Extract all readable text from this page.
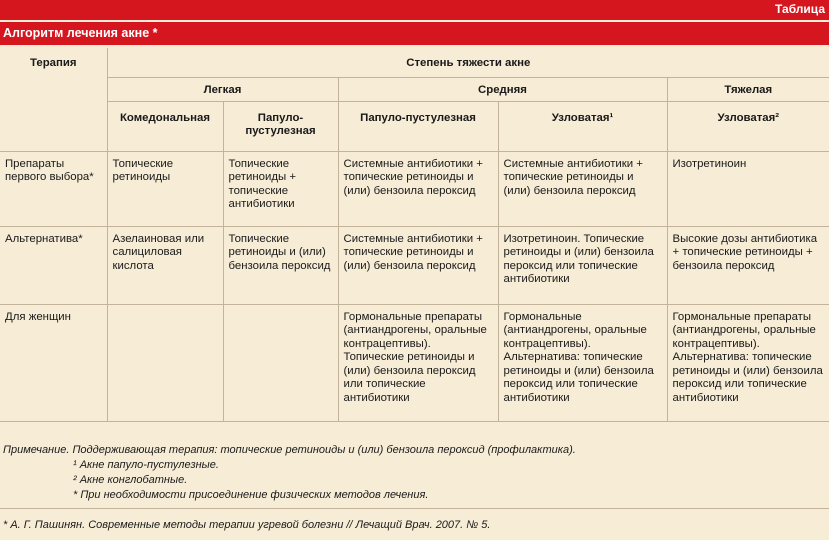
Таблица
Алгоритм лечения акне *
Терапия	Степень тяжести акне				

	Легкая		Средняя		Тяжелая

	Комедональная	Папуло-пустулезная	Папуло-пустулезная	Узловатая¹	Узловатая²

Препараты первого выбора*	Топические ретиноиды	Топические ретиноиды + топические антибиотики	Системные антибиотики + топические ретиноиды и (или) бензоила пероксид	Системные антибиотики + топические ретиноиды и (или) бензоила пероксид	Изотретиноин

Альтернатива*	Азелаиновая или салициловая кислота	Топические ретиноиды и (или) бензоила пероксид	Системные антибиотики + топические ретиноиды и (или) бензоила пероксид	Изотретиноин. Топические ретиноиды и (или) бензоила пероксид или топические антибиотики	Высокие дозы антибиотика + топические ретиноиды + бензоила пероксид

Для женщин			Гормональные препараты (антиандрогены, оральные контрацептивы). Топические ретиноиды и (или) бензоила пероксид или топические антибиотики	Гормональные (антиандрогены, оральные контрацептивы). Альтернатива: топические ретиноиды и (или) бензоила пероксид или топические антибиотики	Гормональные препараты (антиандрогены, оральные контрацептивы). Альтернатива: топические ретиноиды и (или) бензоила пероксид или топические антибиотики
Примечание. Поддерживающая терапия: топические ретиноиды и (или) бензоила пероксид (профилактика).
¹ Акне папуло-пустулезные.
² Акне конглобатные.
* При необходимости присоединение физических методов лечения.
* А. Г. Пашинян. Современные методы терапии угревой болезни // Лечащий Врач. 2007. № 5.
